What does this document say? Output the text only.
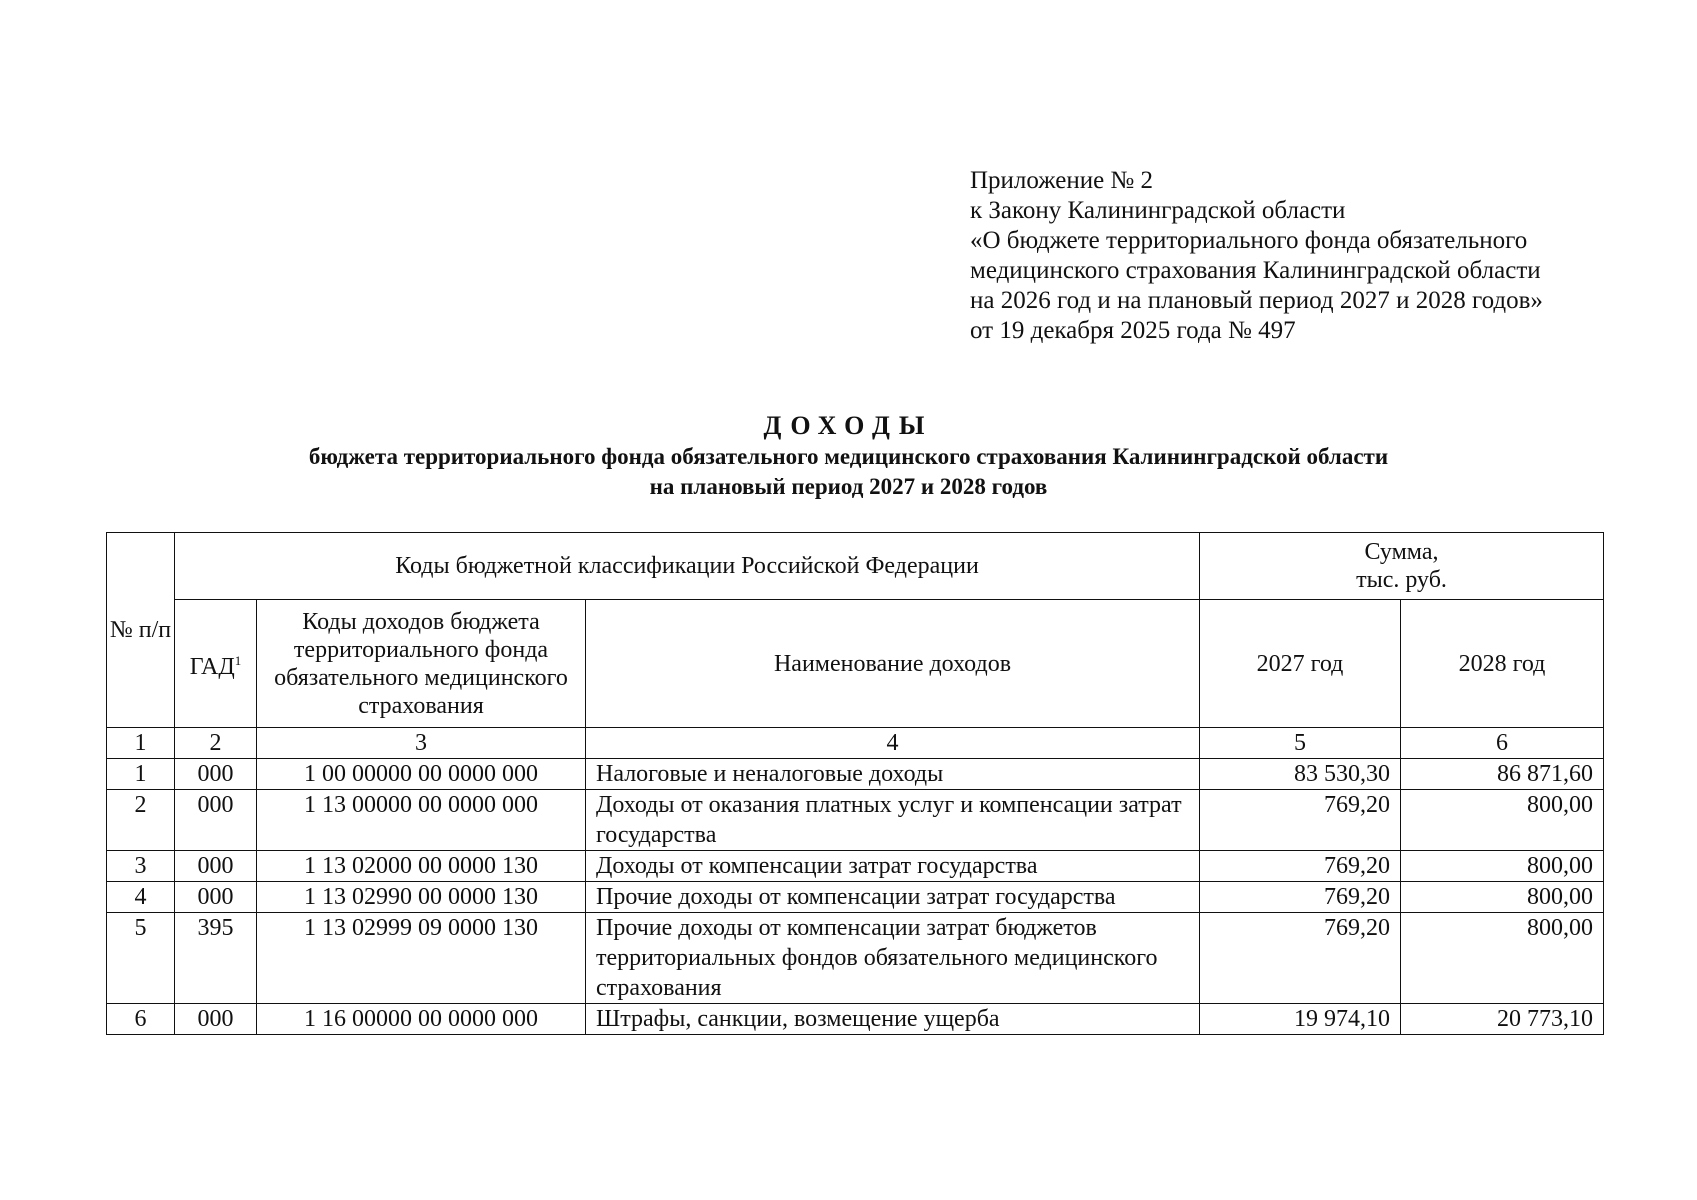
Приложение № 2
к Закону Калининградской области
«О бюджете территориального фонда обязательного
медицинского страхования Калининградской области
на 2026 год и на плановый период 2027 и 2028 годов»
от 19 декабря 2025 года № 497
ДОХОДЫ
бюджета территориального фонда обязательного медицинского страхования Калининградской области
на плановый период 2027 и 2028 годов
№ п/п	Коды бюджетной классификации Российской Федерации			Сумма,
тыс. руб.	

	ГАД$^1$	Коды доходов бюджета территориального фонда обязательного медицинского страхования	Наименование доходов	2027 год	2028 год
1	2	3	4	5	6
1	000	1 00 00000 00 0000 000	Налоговые и неналоговые доходы	83 530,30	86 871,60
2	000	1 13 00000 00 0000 000	Доходы от оказания платных услуг и компенсации затрат государства	769,20	800,00
3	000	1 13 02000 00 0000 130	Доходы от компенсации затрат государства	769,20	800,00
4	000	1 13 02990 00 0000 130	Прочие доходы от компенсации затрат государства	769,20	800,00
5	395	1 13 02999 09 0000 130	Прочие доходы от компенсации затрат бюджетов территориальных фондов обязательного медицинского страхования	769,20	800,00
6	000	1 16 00000 00 0000 000	Штрафы, санкции, возмещение ущерба	19 974,10	20 773,10
